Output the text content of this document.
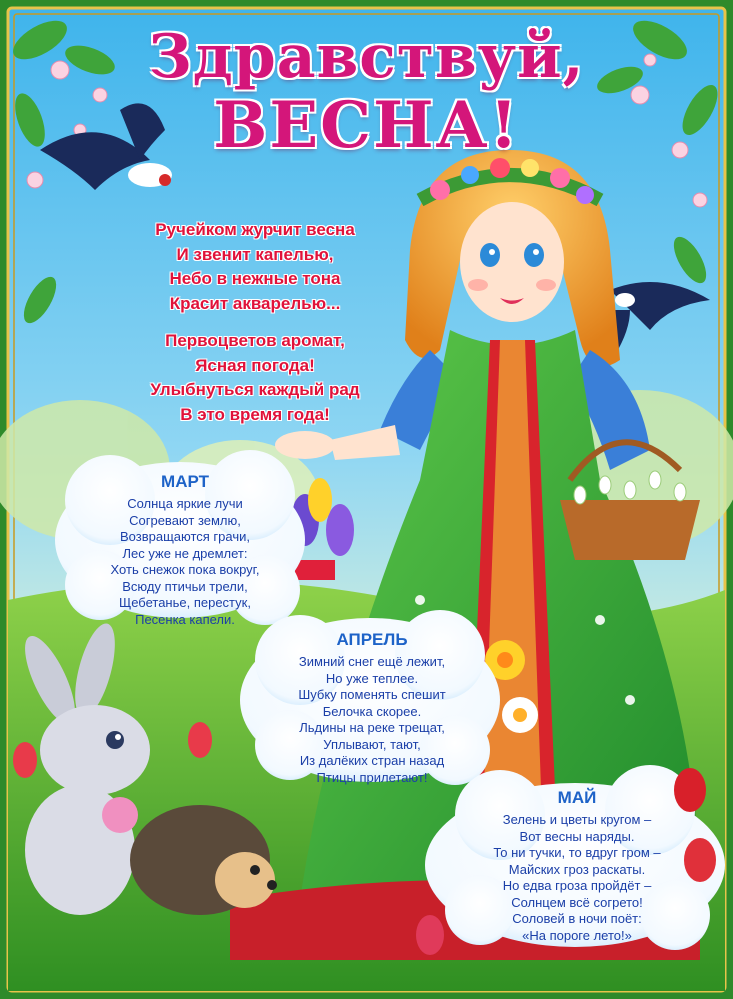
Здравствуй,
ВЕСНА!
Ручейком журчит весна
И звенит капелью,
Небо в нежные тона
Красит акварелью...
Первоцветов аромат,
Ясная погода!
Улыбнуться каждый рад
В это время года!
МАРТ
Солнца яркие лучи
Согревают землю,
Возвращаются грачи,
Лес уже не дремлет:
Хоть снежок пока вокруг,
Всюду птичьи трели,
Щебетанье, перестук,
Песенка капели.
АПРЕЛЬ
Зимний снег ещё лежит,
Но уже теплее.
Шубку поменять спешит
Белочка скорее.
Льдины на реке трещат,
Уплывают, тают,
Из далёких стран назад
Птицы прилетают!
МАЙ
Зелень и цветы кругом –
Вот весны наряды.
То ни тучки, то вдруг гром –
Майских гроз раскаты.
Но едва гроза пройдёт –
Солнцем всё согрето!
Соловей в ночи поёт:
«На пороге лето!»
